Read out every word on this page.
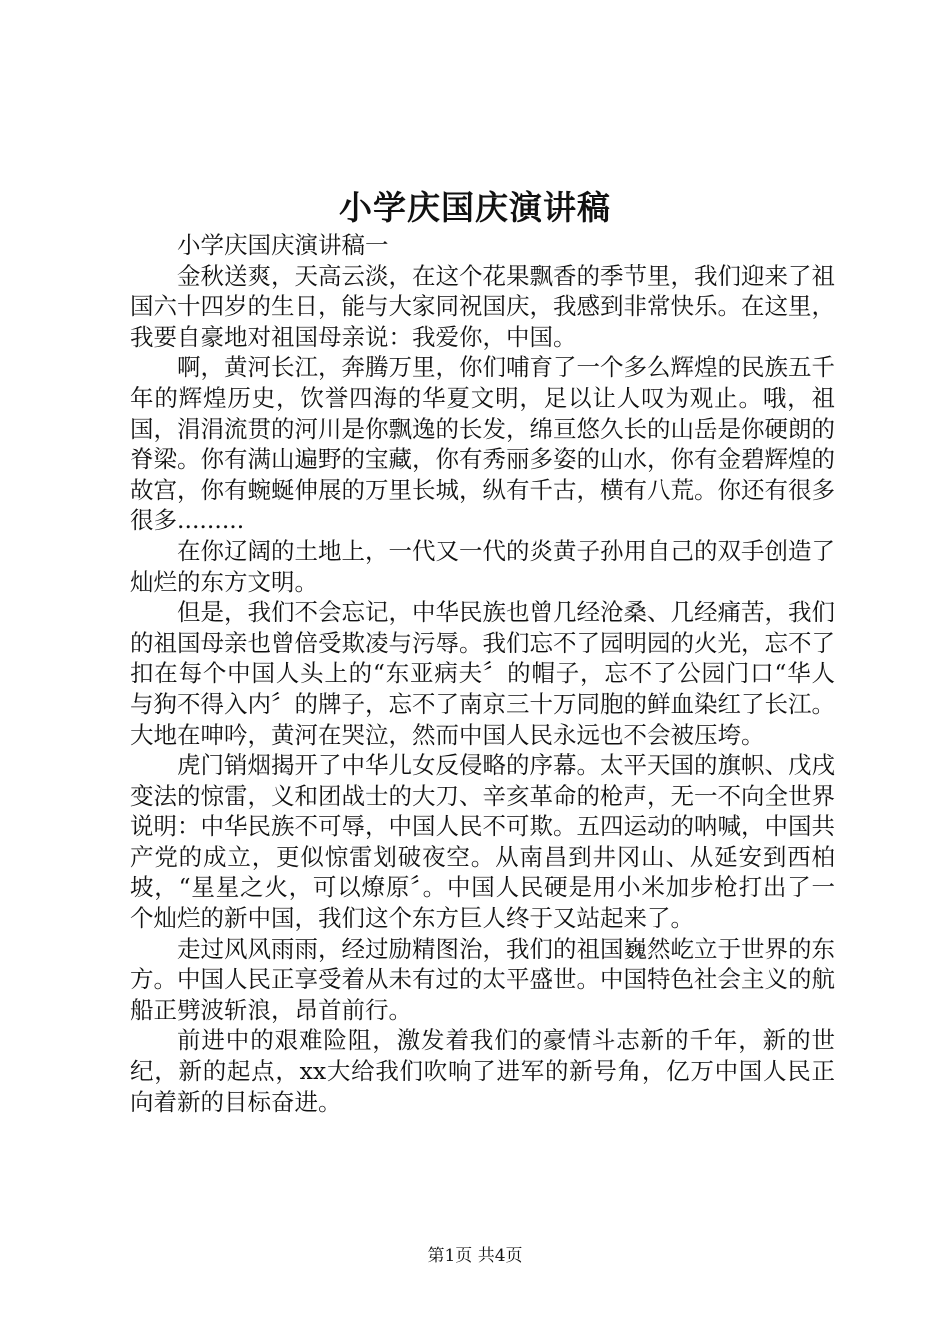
小学庆国庆演讲稿

小学庆国庆演讲稿一

金秋送爽，天高云淡，在这个花果飘香的季节里，我们迎来了祖国六十四岁的生日，能与大家同祝国庆，我感到非常快乐。在这里，我要自豪地对祖国母亲说：我爱你，中国。

啊，黄河长江，奔腾万里，你们哺育了一个多么辉煌的民族五千年的辉煌历史，饮誉四海的华夏文明，足以让人叹为观止。哦，祖国，涓涓流贯的河川是你飘逸的长发，绵亘悠久长的山岳是你硬朗的脊梁。你有满山遍野的宝藏，你有秀丽多姿的山水，你有金碧辉煌的故宫，你有蜿蜒伸展的万里长城，纵有千古，横有八荒。你还有很多很多.........

在你辽阔的土地上，一代又一代的炎黄子孙用自己的双手创造了灿烂的东方文明。

但是，我们不会忘记，中华民族也曾几经沧桑、几经痛苦，我们的祖国母亲也曾倍受欺凌与污辱。我们忘不了园明园的火光，忘不了扣在每个中国人头上的“东亚病夫〞的帽子，忘不了公园门口“华人与狗不得入内〞的牌子，忘不了南京三十万同胞的鲜血染红了长江。大地在呻吟，黄河在哭泣，然而中国人民永远也不会被压垮。

虎门销烟揭开了中华儿女反侵略的序幕。太平天国的旗帜、戊戌变法的惊雷，义和团战士的大刀、辛亥革命的枪声，无一不向全世界说明：中华民族不可辱，中国人民不可欺。五四运动的呐喊，中国共产党的成立，更似惊雷划破夜空。从南昌到井冈山、从延安到西柏坡，“星星之火，可以燎原〞。中国人民硬是用小米加步枪打出了一个灿烂的新中国，我们这个东方巨人终于又站起来了。

走过风风雨雨，经过励精图治，我们的祖国巍然屹立于世界的东方。中国人民正享受着从未有过的太平盛世。中国特色社会主义的航船正劈波斩浪，昂首前行。

前进中的艰难险阻，激发着我们的豪情斗志新的千年，新的世纪，新的起点，xx大给我们吹响了进军的新号角，亿万中国人民正向着新的目标奋进。

第1页 共4页
